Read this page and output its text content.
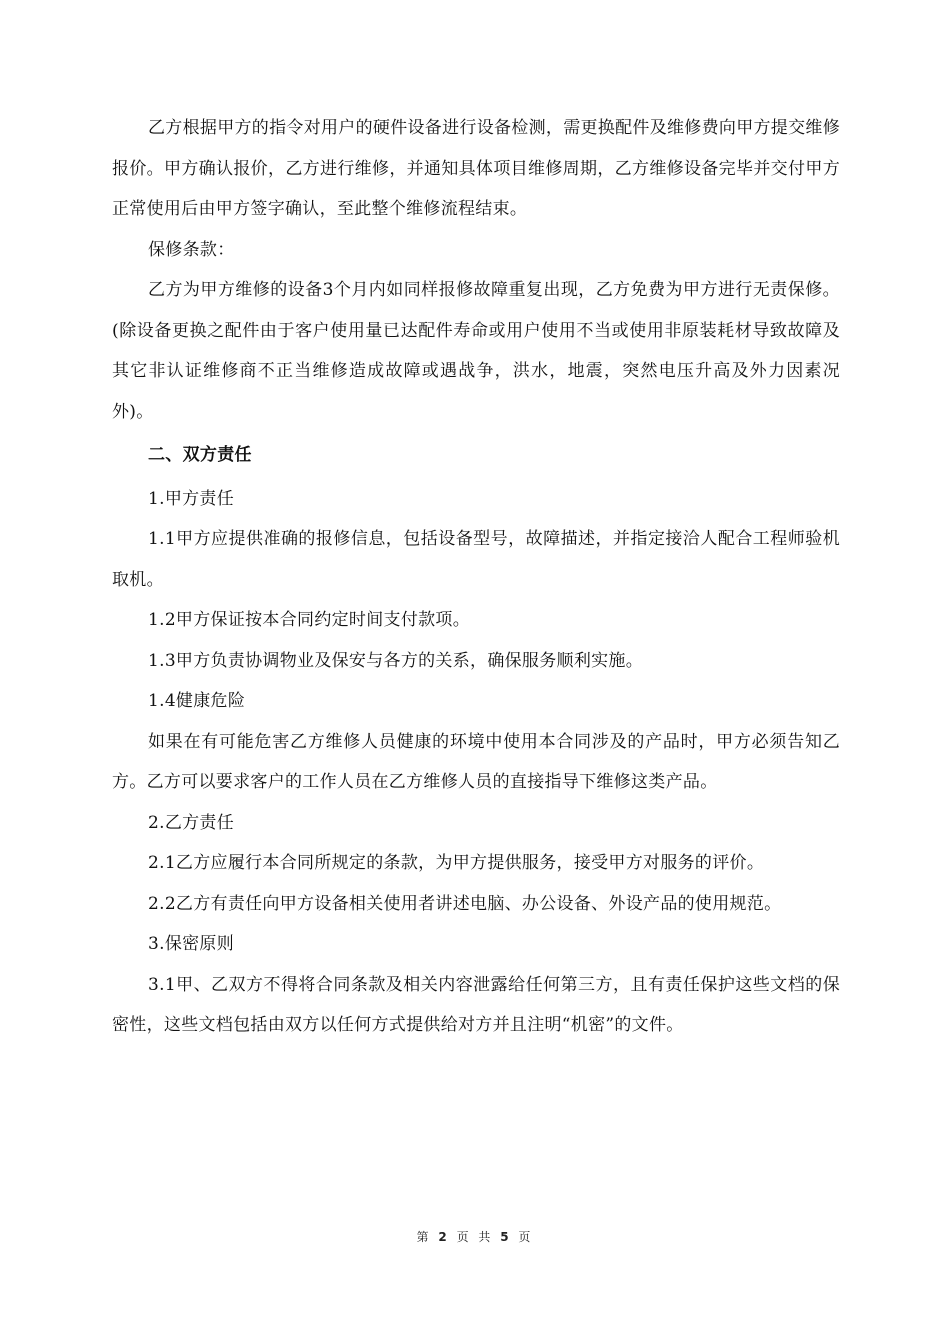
乙方根据甲方的指令对用户的硬件设备进行设备检测，需更换配件及维修费向甲方提交维修报价。甲方确认报价，乙方进行维修，并通知具体项目维修周期，乙方维修设备完毕并交付甲方正常使用后由甲方签字确认，至此整个维修流程结束。

保修条款：

乙方为甲方维修的设备3个月内如同样报修故障重复出现，乙方免费为甲方进行无责保修。(除设备更换之配件由于客户使用量已达配件寿命或用户使用不当或使用非原装耗材导致故障及其它非认证维修商不正当维修造成故障或遇战争，洪水，地震，突然电压升高及外力因素况外)。

二、双方责任

1.甲方责任

1.1甲方应提供准确的报修信息，包括设备型号，故障描述，并指定接洽人配合工程师验机取机。

1.2甲方保证按本合同约定时间支付款项。

1.3甲方负责协调物业及保安与各方的关系，确保服务顺利实施。

1.4健康危险

如果在有可能危害乙方维修人员健康的环境中使用本合同涉及的产品时，甲方必须告知乙方。乙方可以要求客户的工作人员在乙方维修人员的直接指导下维修这类产品。

2.乙方责任

2.1乙方应履行本合同所规定的条款，为甲方提供服务，接受甲方对服务的评价。

2.2乙方有责任向甲方设备相关使用者讲述电脑、办公设备、外设产品的使用规范。

3.保密原则

3.1甲、乙双方不得将合同条款及相关内容泄露给任何第三方，且有责任保护这些文档的保密性，这些文档包括由双方以任何方式提供给对方并且注明“机密”的文件。

第 2 页 共 5 页
